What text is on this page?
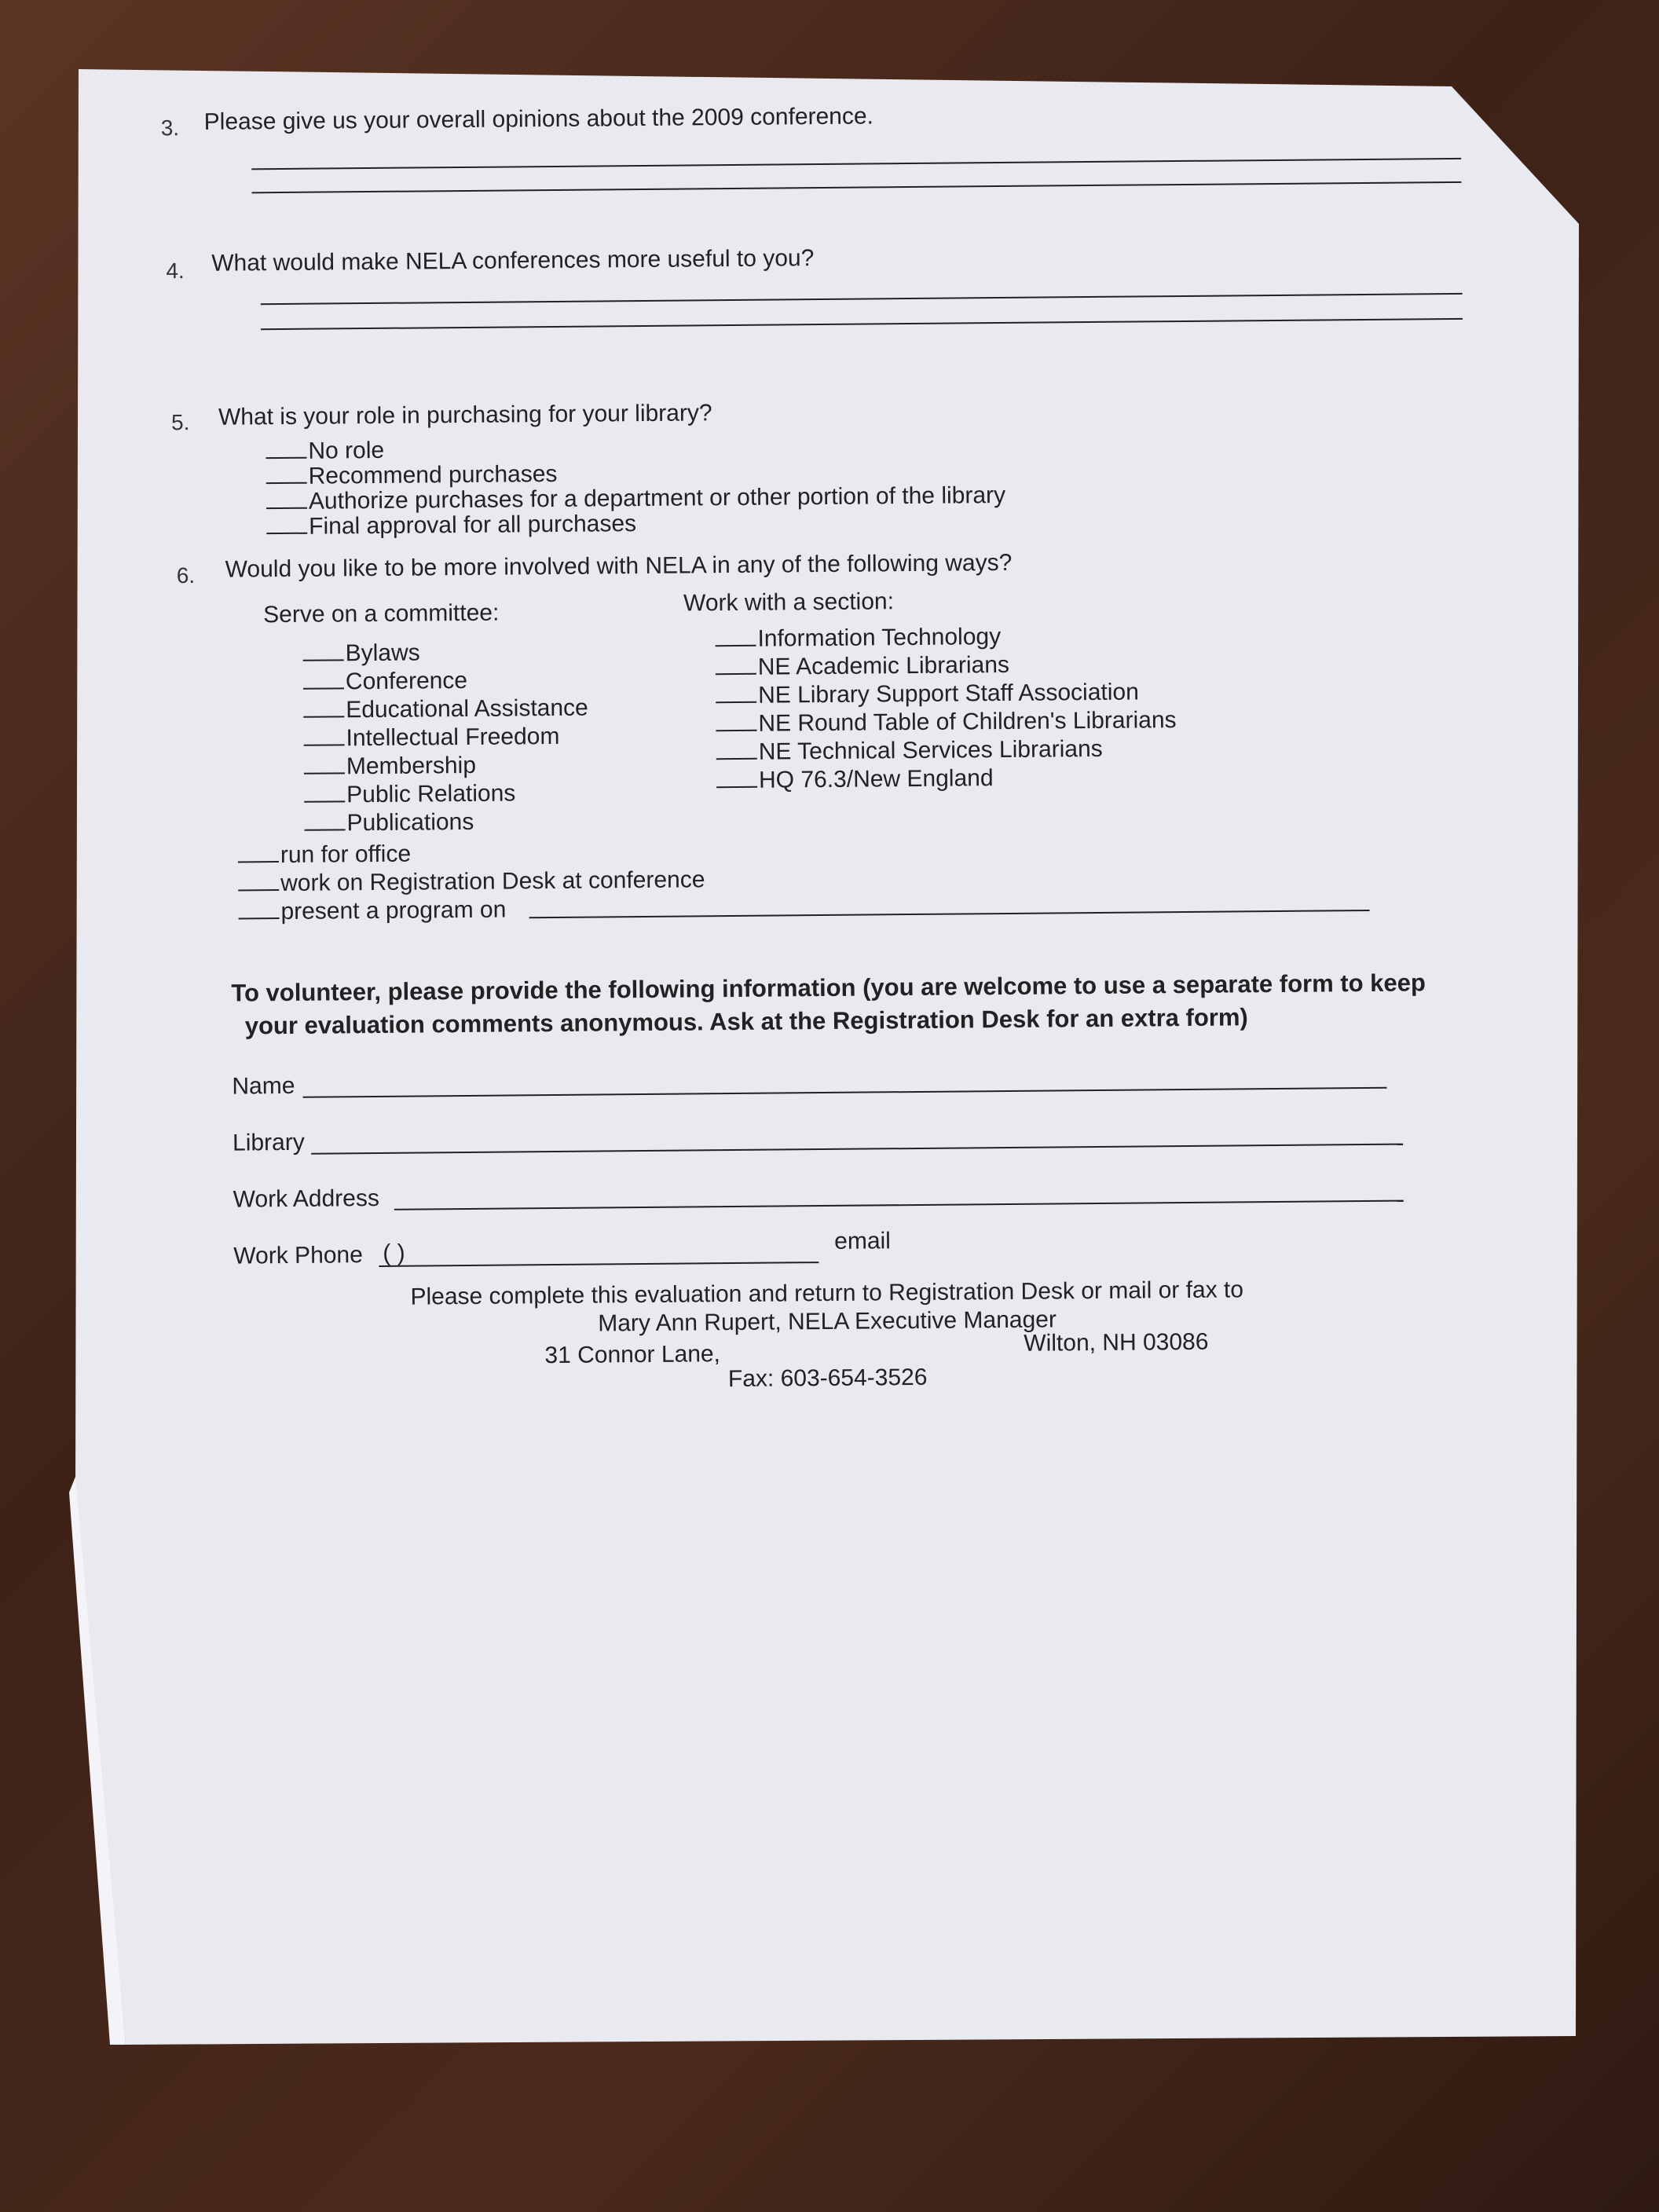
3. Please give us your overall opinions about the 2009 conference.
4. What would make NELA conferences more useful to you?
5. What is your role in purchasing for your library?
No role
Recommend purchases
Authorize purchases for a department or other portion of the library
Final approval for all purchases
6. Would you like to be more involved with NELA in any of the following ways?
Serve on a committee:	Work with a section:
Bylaws
Conference
Educational Assistance
Intellectual Freedom
Membership
Public Relations
Publications
Information Technology
NE Academic Librarians
NE Library Support Staff Association
NE Round Table of Children's Librarians
NE Technical Services Librarians
HQ 76.3/New England
run for office
work on Registration Desk at conference
present a program on
To volunteer, please provide the following information (you are welcome to use a separate form to keep
your evaluation comments anonymous. Ask at the Registration Desk for an extra form)
Name
Library
Work Address
Work Phone ( )	email
Please complete this evaluation and return to Registration Desk or mail or fax to
Mary Ann Rupert, NELA Executive Manager
31 Connor Lane,	Wilton, NH 03086
Fax: 603-654-3526
